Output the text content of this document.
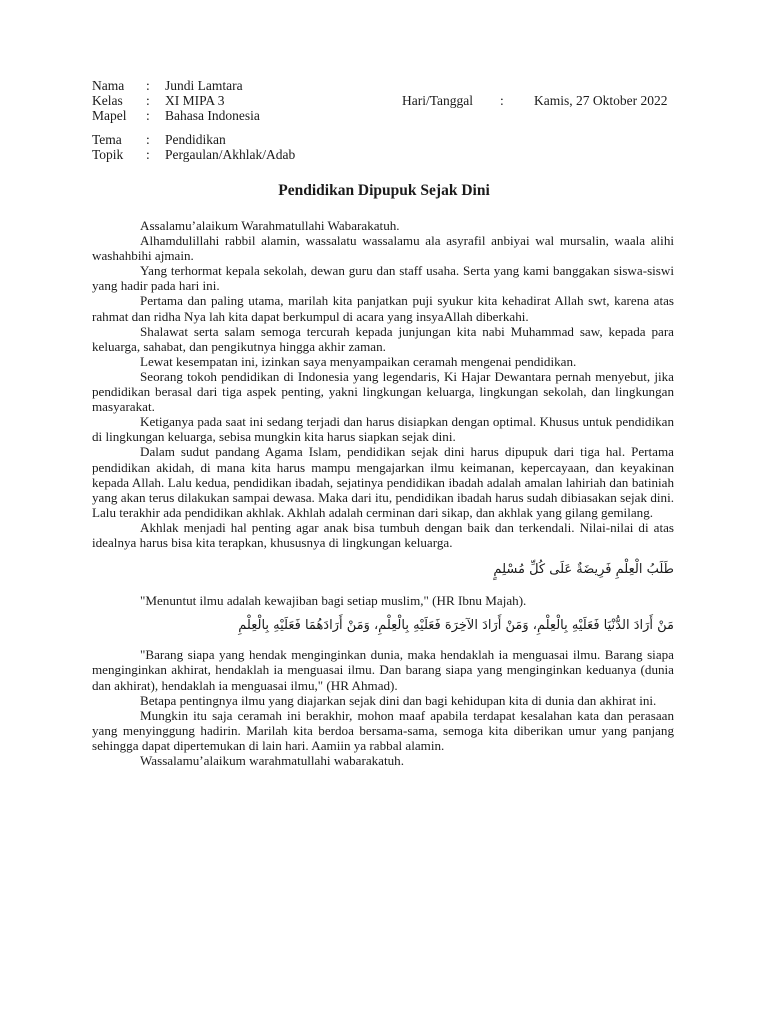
Nama : Jundi Lamtara
Kelas : XI MIPA 3	Hari/Tanggal : Kamis, 27 Oktober 2022
Mapel : Bahasa Indonesia
Tema : Pendidikan
Topik : Pergaulan/Akhlak/Adab
Pendidikan Dipupuk Sejak Dini

Assalamu’alaikum Warahmatullahi Wabarakatuh.

Alhamdulillahi rabbil alamin, wassalatu wassalamu ala asyrafil anbiyai wal mursalin, waala alihi washahbihi ajmain.

Yang terhormat kepala sekolah, dewan guru dan staff usaha. Serta yang kami banggakan siswa-siswi yang hadir pada hari ini.

Pertama dan paling utama, marilah kita panjatkan puji syukur kita kehadirat Allah swt, karena atas rahmat dan ridha Nya lah kita dapat berkumpul di acara yang insyaAllah diberkahi.

Shalawat serta salam semoga tercurah kepada junjungan kita nabi Muhammad saw, kepada para keluarga, sahabat, dan pengikutnya hingga akhir zaman.

Lewat kesempatan ini, izinkan saya menyampaikan ceramah mengenai pendidikan.

Seorang tokoh pendidikan di Indonesia yang legendaris, Ki Hajar Dewantara pernah menyebut, jika pendidikan berasal dari tiga aspek penting, yakni lingkungan keluarga, lingkungan sekolah, dan lingkungan masyarakat.

Ketiganya pada saat ini sedang terjadi dan harus disiapkan dengan optimal. Khusus untuk pendidikan di lingkungan keluarga, sebisa mungkin kita harus siapkan sejak dini.

Dalam sudut pandang Agama Islam, pendidikan sejak dini harus dipupuk dari tiga hal. Pertama pendidikan akidah, di mana kita harus mampu mengajarkan ilmu keimanan, kepercayaan, dan keyakinan kepada Allah. Lalu kedua, pendidikan ibadah, sejatinya pendidikan ibadah adalah amalan lahiriah dan batiniah yang akan terus dilakukan sampai dewasa. Maka dari itu, pendidikan ibadah harus sudah dibiasakan sejak dini. Lalu terakhir ada pendidikan akhlak. Akhlah adalah cerminan dari sikap, dan akhlak yang gilang gemilang.

Akhlak menjadi hal penting agar anak bisa tumbuh dengan baik dan terkendali. Nilai-nilai di atas idealnya harus bisa kita terapkan, khususnya di lingkungan keluarga.

طَلَبُ الْعِلْمِ فَرِيضَةٌ عَلَى كُلِّ مُسْلِمٍ

"Menuntut ilmu adalah kewajiban bagi setiap muslim," (HR Ibnu Majah).

مَنْ أَرَادَ الدُّنْيَا فَعَلَيْهِ بِالْعِلْمِ، وَمَنْ أَرَادَ الآخِرَهَ فَعَلَيْهِ بِالْعِلْمِ، وَمَنْ أَرَادَهُمَا فَعَلَيْهِ بِالْعِلْمِ

"Barang siapa yang hendak menginginkan dunia, maka hendaklah ia menguasai ilmu. Barang siapa menginginkan akhirat, hendaklah ia menguasai ilmu. Dan barang siapa yang menginginkan keduanya (dunia dan akhirat), hendaklah ia menguasai ilmu," (HR Ahmad).

Betapa pentingnya ilmu yang diajarkan sejak dini dan bagi kehidupan kita di dunia dan akhirat ini.

Mungkin itu saja ceramah ini berakhir, mohon maaf apabila terdapat kesalahan kata dan perasaan yang menyinggung hadirin. Marilah kita berdoa bersama-sama, semoga kita diberikan umur yang panjang sehingga dapat dipertemukan di lain hari. Aamiin ya rabbal alamin.

Wassalamu’alaikum warahmatullahi wabarakatuh.
